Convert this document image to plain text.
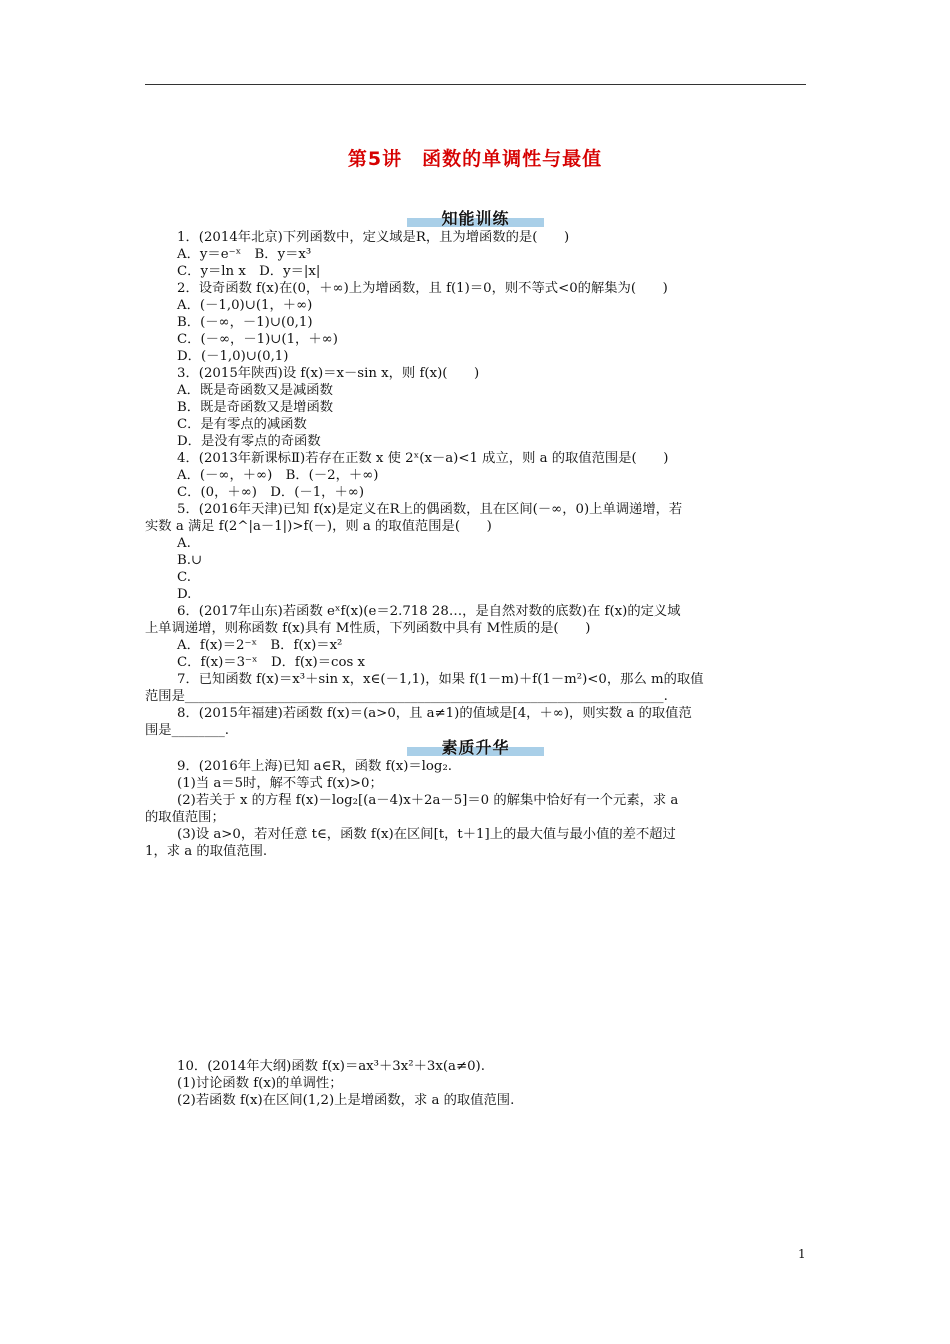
第5讲　函数的单调性与最值
知能训练
1．(2014年北京)下列函数中，定义域是R，且为增函数的是(　　)
A．y＝e⁻ˣ　B．y＝x³
C．y＝ln x　D．y＝|x|
2．设奇函数 f(x)在(0，＋∞)上为增函数，且 f(1)＝0，则不等式<0的解集为(　　)
A．(－1,0)∪(1，＋∞)
B．(－∞，－1)∪(0,1)
C．(－∞，－1)∪(1，＋∞)
D．(－1,0)∪(0,1)
3．(2015年陕西)设 f(x)＝x－sin x，则 f(x)(　　)
A．既是奇函数又是减函数
B．既是奇函数又是增函数
C．是有零点的减函数
D．是没有零点的奇函数
4．(2013年新课标Ⅱ)若存在正数 x 使 2ˣ(x－a)<1 成立，则 a 的取值范围是(　　)
A．(－∞，＋∞)　B．(－2，＋∞)
C．(0，＋∞)　D．(－1，＋∞)
5．(2016年天津)已知 f(x)是定义在R上的偶函数，且在区间(－∞，0)上单调递增，若
实数 a 满足 f(2^|a－1|)>f(－)，则 a 的取值范围是(　　)
A.
B.∪
C.
D.
6．(2017年山东)若函数 eˣf(x)(e＝2.718 28…，是自然对数的底数)在 f(x)的定义域
上单调递增，则称函数 f(x)具有 M性质，下列函数中具有 M性质的是(　　)
A．f(x)＝2⁻ˣ　B．f(x)＝x²
C．f(x)＝3⁻ˣ　D．f(x)＝cos x
7．已知函数 f(x)＝x³＋sin x，x∈(－1,1)，如果 f(1－m)＋f(1－m²)<0，那么 m的取值
范围是________________________________________________________________________.
8．(2015年福建)若函数 f(x)＝(a>0，且 a≠1)的值域是[4，＋∞)，则实数 a 的取值范
围是________.
素质升华
9．(2016年上海)已知 a∈R，函数 f(x)＝log₂.
(1)当 a＝5时，解不等式 f(x)>0；
(2)若关于 x 的方程 f(x)－log₂[(a－4)x＋2a－5]＝0 的解集中恰好有一个元素，求 a
的取值范围；
(3)设 a>0，若对任意 t∈，函数 f(x)在区间[t，t＋1]上的最大值与最小值的差不超过
1，求 a 的取值范围.
10．(2014年大纲)函数 f(x)＝ax³＋3x²＋3x(a≠0).
(1)讨论函数 f(x)的单调性；
(2)若函数 f(x)在区间(1,2)上是增函数，求 a 的取值范围.
1
